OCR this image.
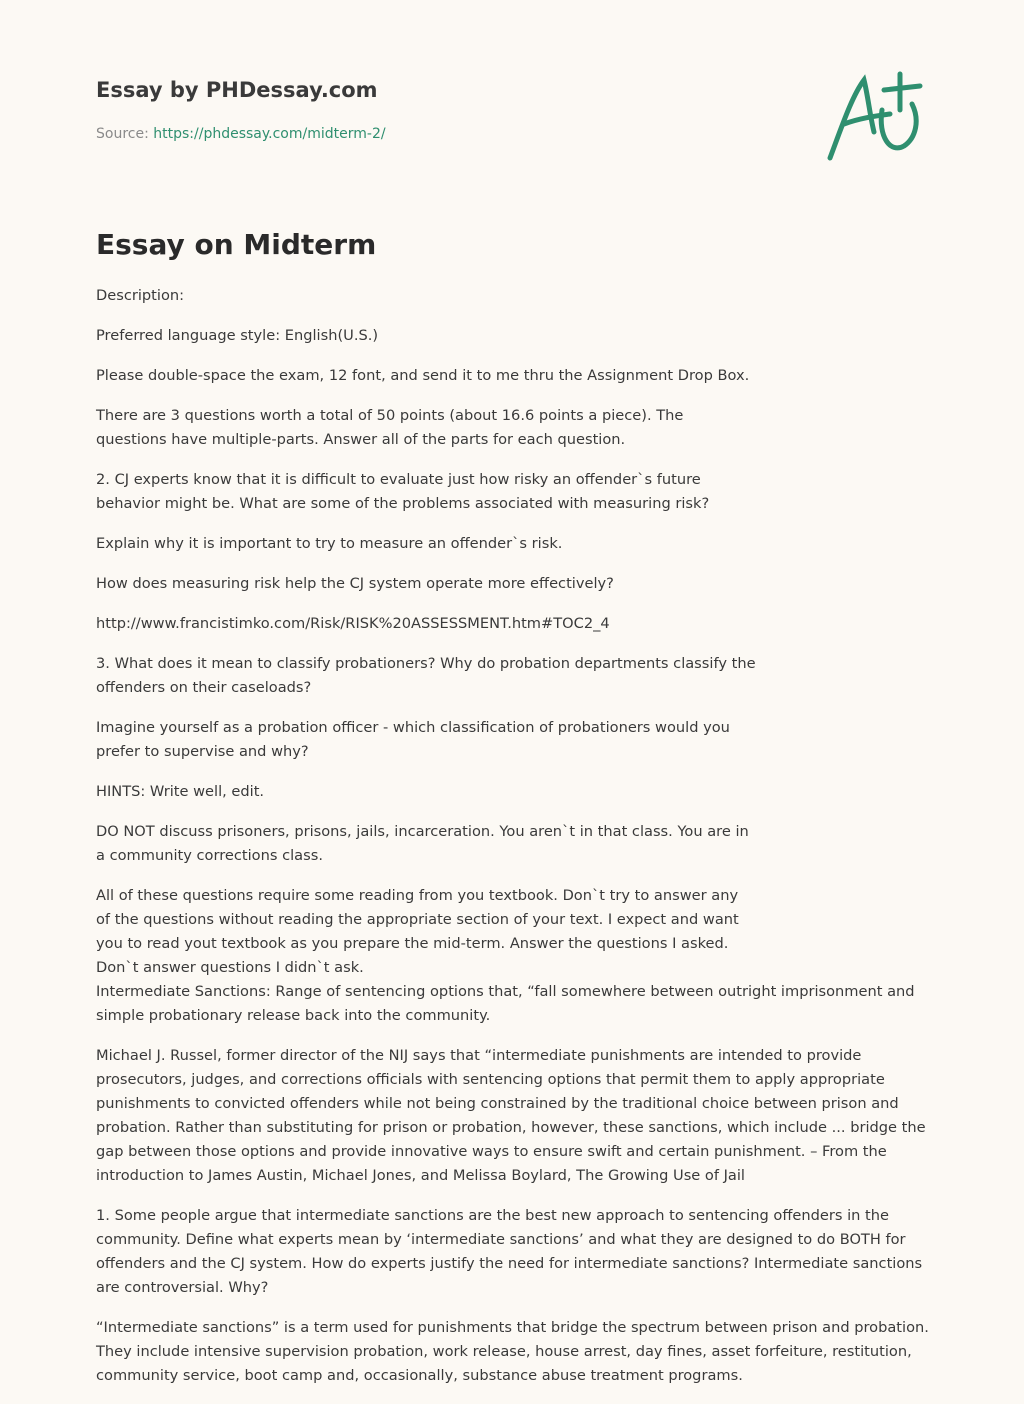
Essay by PHDessay.com

Source: https://phdessay.com/midterm-2/

Essay on Midterm

Description:

Preferred language style: English(U.S.)

Please double-space the exam, 12 font, and send it to me thru the Assignment Drop Box.

There are 3 questions worth a total of 50 points (about 16.6 points a piece). The questions have multiple-parts. Answer all of the parts for each question.

2. CJ experts know that it is difficult to evaluate just how risky an offender`s future behavior might be. What are some of the problems associated with measuring risk?

Explain why it is important to try to measure an offender`s risk.

How does measuring risk help the CJ system operate more effectively?

http://www.francistimko.com/Risk/RISK%20ASSESSMENT.htm#TOC2_4

3. What does it mean to classify probationers? Why do probation departments classify the offenders on their caseloads?

Imagine yourself as a probation officer - which classification of probationers would you prefer to supervise and why?

HINTS: Write well, edit.

DO NOT discuss prisoners, prisons, jails, incarceration. You aren`t in that class. You are in a community corrections class.

All of these questions require some reading from you textbook. Don`t try to answer any of the questions without reading the appropriate section of your text. I expect and want you to read yout textbook as you prepare the mid-term. Answer the questions I asked. Don`t answer questions I didn`t ask.

Intermediate Sanctions: Range of sentencing options that, “fall somewhere between outright imprisonment and simple probationary release back into the community.

Michael J. Russel, former director of the NIJ says that “intermediate punishments are intended to provide prosecutors, judges, and corrections officials with sentencing options that permit them to apply appropriate punishments to convicted offenders while not being constrained by the traditional choice between prison and probation. Rather than substituting for prison or probation, however, these sanctions, which include ... bridge the gap between those options and provide innovative ways to ensure swift and certain punishment. – From the introduction to James Austin, Michael Jones, and Melissa Boylard, The Growing Use of Jail

1. Some people argue that intermediate sanctions are the best new approach to sentencing offenders in the community. Define what experts mean by ‘intermediate sanctions’ and what they are designed to do BOTH for offenders and the CJ system. How do experts justify the need for intermediate sanctions? Intermediate sanctions are controversial. Why?

“Intermediate sanctions” is a term used for punishments that bridge the spectrum between prison and probation. They include intensive supervision probation, work release, house arrest, day fines, asset forfeiture, restitution, community service, boot camp and, occasionally, substance abuse treatment programs.
